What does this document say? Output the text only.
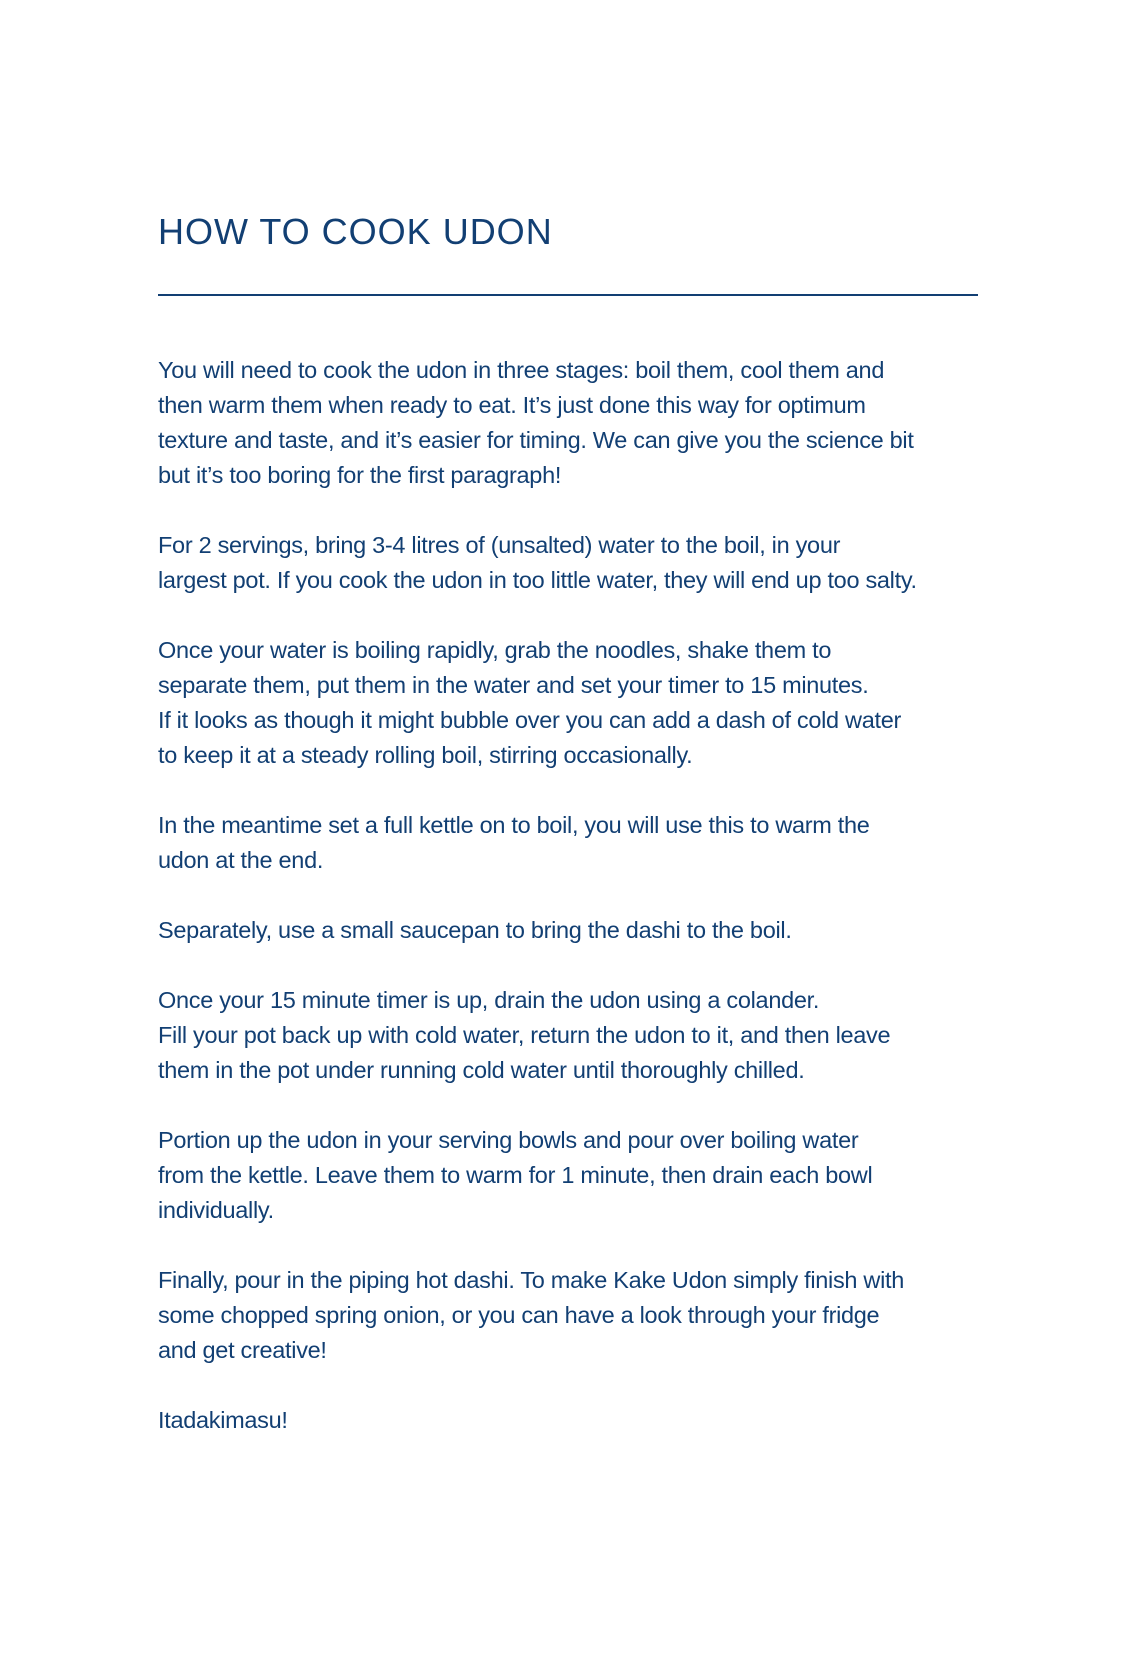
HOW TO COOK UDON

You will need to cook the udon in three stages: boil them, cool them and
then warm them when ready to eat. It’s just done this way for optimum
texture and taste, and it’s easier for timing. We can give you the science bit
but it’s too boring for the first paragraph!

For 2 servings, bring 3-4 litres of (unsalted) water to the boil, in your
largest pot. If you cook the udon in too little water, they will end up too salty.

Once your water is boiling rapidly, grab the noodles, shake them to
separate them, put them in the water and set your timer to 15 minutes.
If it looks as though it might bubble over you can add a dash of cold water
to keep it at a steady rolling boil, stirring occasionally.

In the meantime set a full kettle on to boil, you will use this to warm the
udon at the end.

Separately, use a small saucepan to bring the dashi to the boil.

Once your 15 minute timer is up, drain the udon using a colander.
Fill your pot back up with cold water, return the udon to it, and then leave
them in the pot under running cold water until thoroughly chilled.

Portion up the udon in your serving bowls and pour over boiling water
from the kettle. Leave them to warm for 1 minute, then drain each bowl
individually.

Finally, pour in the piping hot dashi. To make Kake Udon simply finish with
some chopped spring onion, or you can have a look through your fridge
and get creative!

Itadakimasu!
